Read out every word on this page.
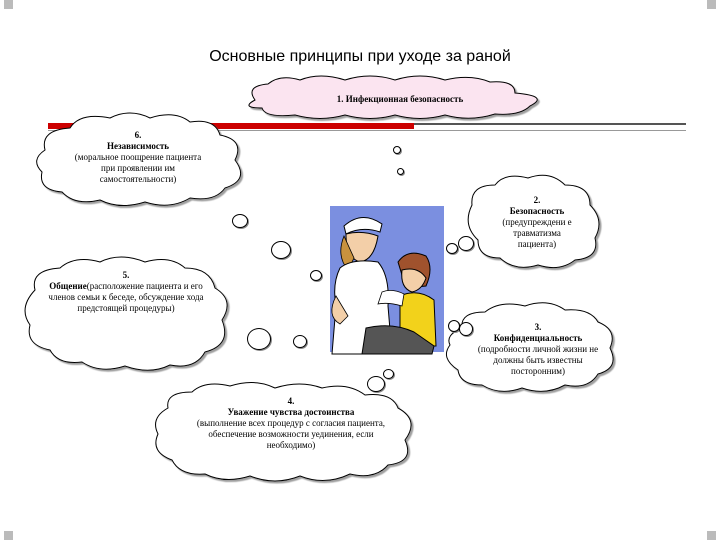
Основные принципы при уходе за раной
1. Инфекционная безопасность
6.
Независимость
(моральное поощрение пациента при проявлении им самостоятельности)
2.
Безопасность
(предупреждени е травматизма пациента)
5.
Общение(расположение пациента и его членов семьи к беседе, обсуждение хода предстоящей процедуры)
3.
Конфиденциальность
(подробности личной жизни не должны быть известны посторонним)
4.
Уважение чувства достоинства
(выполнение всех процедур с согласия пациента, обеспечение возможности уединения, если необходимо)
